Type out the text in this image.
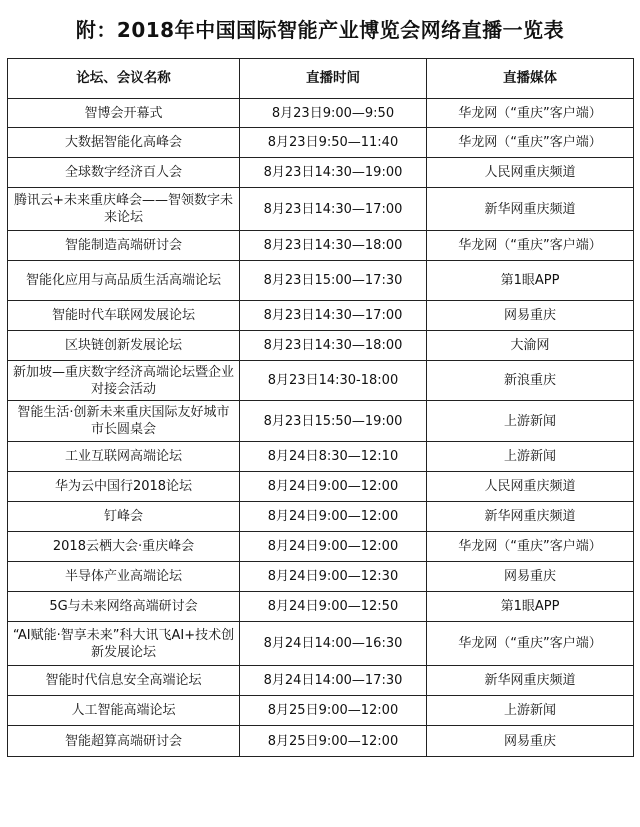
附：2018年中国国际智能产业博览会网络直播一览表
论坛、会议名称	直播时间	直播媒体
智博会开幕式	8月23日9:00—9:50	华龙网（“重庆”客户端）
大数据智能化高峰会	8月23日9:50—11:40	华龙网（“重庆”客户端）
全球数字经济百人会	8月23日14:30—19:00	人民网重庆频道
腾讯云+未来重庆峰会——智领数字未来论坛	8月23日14:30—17:00	新华网重庆频道
智能制造高端研讨会	8月23日14:30—18:00	华龙网（“重庆”客户端）
智能化应用与高品质生活高端论坛	8月23日15:00—17:30	第1眼APP
智能时代车联网发展论坛	8月23日14:30—17:00	网易重庆
区块链创新发展论坛	8月23日14:30—18:00	大渝网
新加坡—重庆数字经济高端论坛暨企业对接会活动	8月23日14:30-18:00	新浪重庆
智能生活·创新未来重庆国际友好城市市长圆桌会	8月23日15:50—19:00	上游新闻
工业互联网高端论坛	8月24日8:30—12:10	上游新闻
华为云中国行2018论坛	8月24日9:00—12:00	人民网重庆频道
钉峰会	8月24日9:00—12:00	新华网重庆频道
2018云栖大会·重庆峰会	8月24日9:00—12:00	华龙网（“重庆”客户端）
半导体产业高端论坛	8月24日9:00—12:30	网易重庆
5G与未来网络高端研讨会	8月24日9:00—12:50	第1眼APP
“AI赋能·智享未来”科大讯飞AI+技术创新发展论坛	8月24日14:00—16:30	华龙网（“重庆”客户端）
智能时代信息安全高端论坛	8月24日14:00—17:30	新华网重庆频道
人工智能高端论坛	8月25日9:00—12:00	上游新闻
智能超算高端研讨会	8月25日9:00—12:00	网易重庆
